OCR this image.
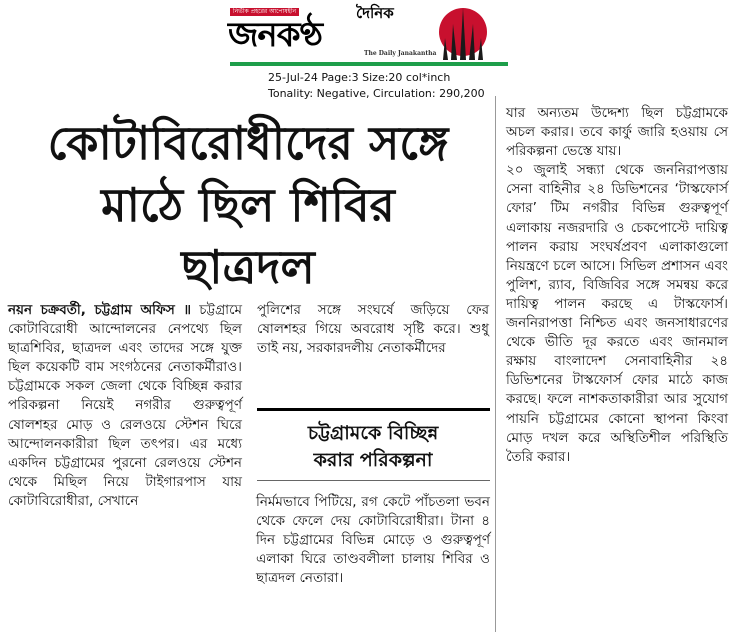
নির্ভীক প্রহরের আপোষহীন	দৈনিক
জনকণ্ঠ	The Daily Janakantha
25-Jul-24 Page:3 Size:20 col*inch
Tonality: Negative, Circulation: 290,200
কোটাবিরোধীদের সঙ্গে
মাঠে ছিল শিবির
ছাত্রদল
নয়ন চক্রবর্তী, চট্টগ্রাম অফিস ॥ চট্টগ্রামে কোটাবিরোধী আন্দোলনের নেপথ্যে ছিল ছাত্রশিবির, ছাত্রদল এবং তাদের সঙ্গে যুক্ত ছিল কয়েকটি বাম সংগঠনের নেতাকর্মীরাও। চট্টগ্রামকে সকল জেলা থেকে বিচ্ছিন্ন করার পরিকল্পনা নিয়েই নগরীর গুরুত্বপূর্ণ ষোলশহর মোড় ও রেলওয়ে স্টেশন ঘিরে আন্দোলনকারীরা ছিল তৎপর। এর মধ্যে একদিন চট্টগ্রামের পুরনো রেলওয়ে স্টেশন থেকে মিছিল নিয়ে টাইগারপাস যায় কোটাবিরোধীরা, সেখানে
পুলিশের সঙ্গে সংঘর্ষে জড়িয়ে ফের ষোলশহর গিয়ে অবরোধ সৃষ্টি করে। শুধু তাই নয়, সরকারদলীয় নেতাকর্মীদের
চট্টগ্রামকে বিচ্ছিন্ন
করার পরিকল্পনা
নির্মমভাবে পিটিয়ে, রগ কেটে পাঁচতলা ভবন থেকে ফেলে দেয় কোটাবিরোধীরা। টানা ৪ দিন চট্টগ্রামের বিভিন্ন মোড়ে ও গুরুত্বপূর্ণ এলাকা ঘিরে তাণ্ডবলীলা চালায় শিবির ও ছাত্রদল নেতারা।
যার অন্যতম উদ্দেশ্য ছিল চট্টগ্রামকে অচল করার। তবে কার্ফু জারি হওয়ায় সে পরিকল্পনা ভেস্তে যায়।
২০ জুলাই সন্ধ্যা থেকে জননিরাপত্তায় সেনা বাহিনীর ২৪ ডিভিশনের ‘টাস্কফোর্স ফোর’ টিম নগরীর বিভিন্ন গুরুত্বপূর্ণ এলাকায় নজরদারি ও চেকপোস্টে দায়িত্ব পালন করায় সংঘর্ষপ্রবণ এলাকাগুলো নিয়ন্ত্রণে চলে আসে। সিভিল প্রশাসন এবং পুলিশ, র‍্যাব, বিজিবির সঙ্গে সমন্বয় করে দায়িত্ব পালন করছে এ টাস্কফোর্স। জননিরাপত্তা নিশ্চিত এবং জনসাধারণের থেকে ভীতি দূর করতে এবং জানমাল রক্ষায় বাংলাদেশ সেনাবাহিনীর ২৪ ডিভিশনের টাস্কফোর্স ফোর মাঠে কাজ করছে। ফলে নাশকতাকারীরা আর সুযোগ পায়নি চট্টগ্রামের কোনো স্থাপনা কিংবা মোড় দখল করে অস্থিতিশীল পরিস্থিতি তৈরি করার।
